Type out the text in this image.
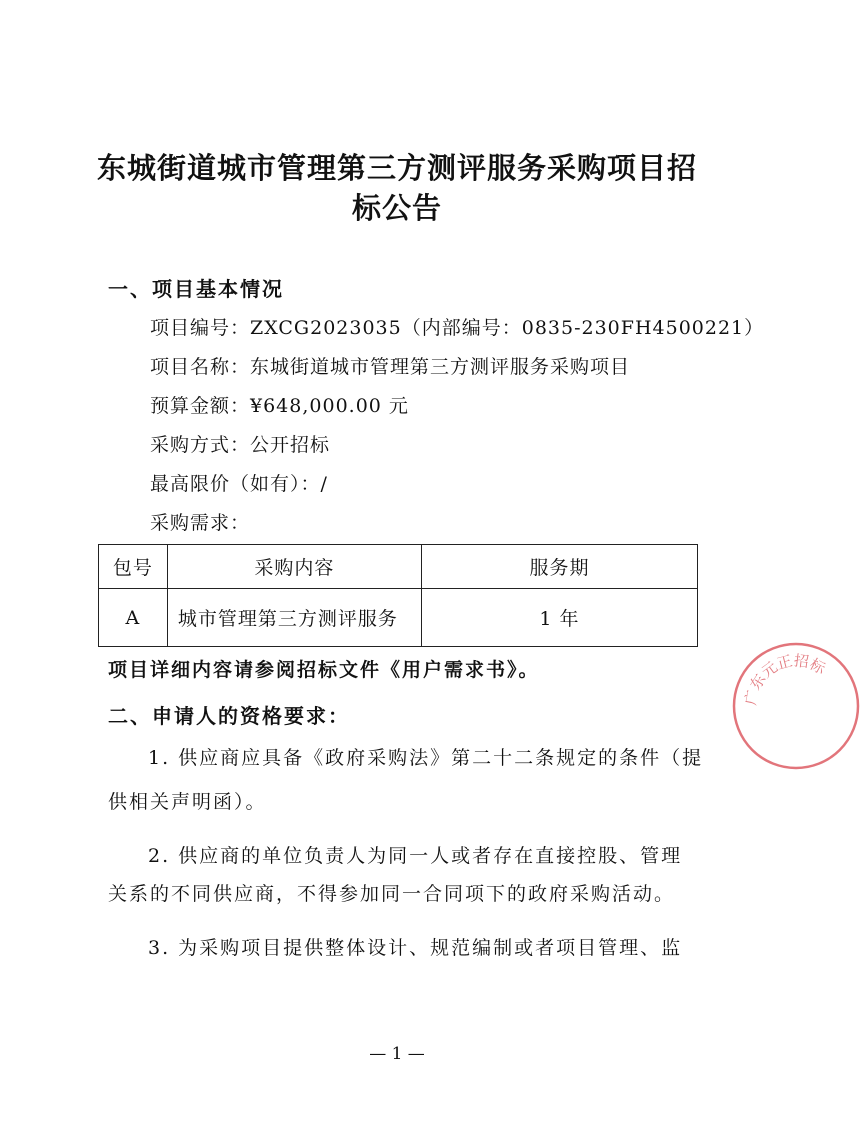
东城街道城市管理第三方测评服务采购项目招
标公告
一、项目基本情况
项目编号：ZXCG2023035（内部编号：0835-230FH4500221）
项目名称：东城街道城市管理第三方测评服务采购项目
预算金额：¥648,000.00 元
采购方式：公开招标
最高限价（如有）：/
采购需求：
包号	采购内容	服务期
A	城市管理第三方测评服务	1 年
项目详细内容请参阅招标文件《用户需求书》。
二、申请人的资格要求：
1. 供应商应具备《政府采购法》第二十二条规定的条件（提
供相关声明函）。
2. 供应商的单位负责人为同一人或者存在直接控股、管理
关系的不同供应商，不得参加同一合同项下的政府采购活动。
3. 为采购项目提供整体设计、规范编制或者项目管理、监
广东元正招标
— 1 —
